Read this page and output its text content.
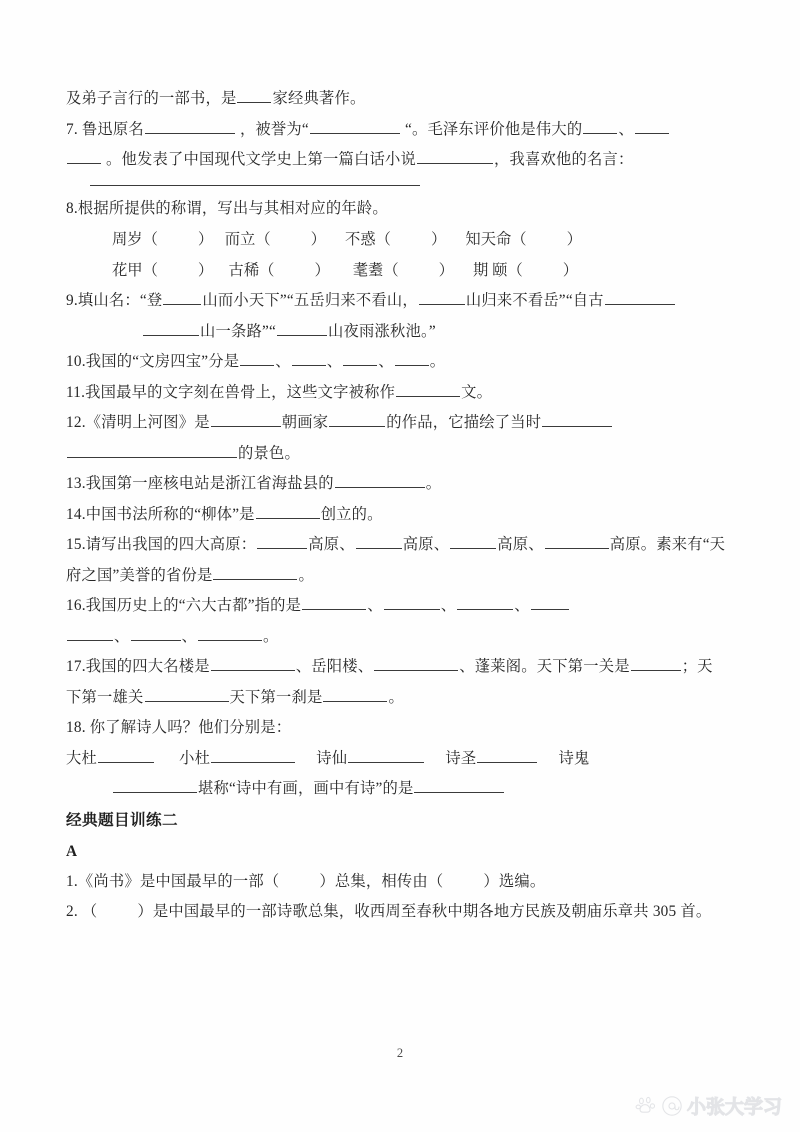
及弟子言行的一部书，是 家经典著作。
7. 鲁迅原名	，被誉为“	“。毛泽东评价他是伟大的 、
。他发表了中国现代文学史上第一篇白话小说	，我喜欢他的名言：
8.根据所提供的称谓，写出与其相对应的年龄。
周岁（	）   而立（	）     不惑（	）     知天命（	）
花甲（	）    古稀（	）      耄耋（	）     期 颐（	）
9.填山名：“登	山而小天下”“五岳归来不看山，	山归来不看岳”“自古
山一条路”“	山夜雨涨秋池。”
10.我国的“文房四宝”分是 、 、 、 。
11.我国最早的文字刻在兽骨上，这些文字被称作	文。
12.《清明上河图》是	朝画家	的作品，它描绘了当时
的景色。
13.我国第一座核电站是浙江省海盐县的	。
14.中国书法所称的“柳体”是	创立的。
15.请写出我国的四大高原：	高原、	高原、	高原、	高原。素来有“天
府之国”美誉的省份是	。
16.我国历史上的“六大古都”指的是	、	、	、
、	、	。
17.我国的四大名楼是	、岳阳楼、	、蓬莱阁。天下第一关是	；天
下第一雄关	天下第一刹是	。
18. 你了解诗人吗？他们分别是：
大杜	小杜	诗仙	诗圣	诗鬼
堪称“诗中有画，画中有诗”的是
经典题目训练二
A
1.《尚书》是中国最早的一部（	）总集，相传由（	）选编。
2. （	）是中国最早的一部诗歌总集，收西周至春秋中期各地方民族及朝庙乐章共 305 首。
2
小张大学习
